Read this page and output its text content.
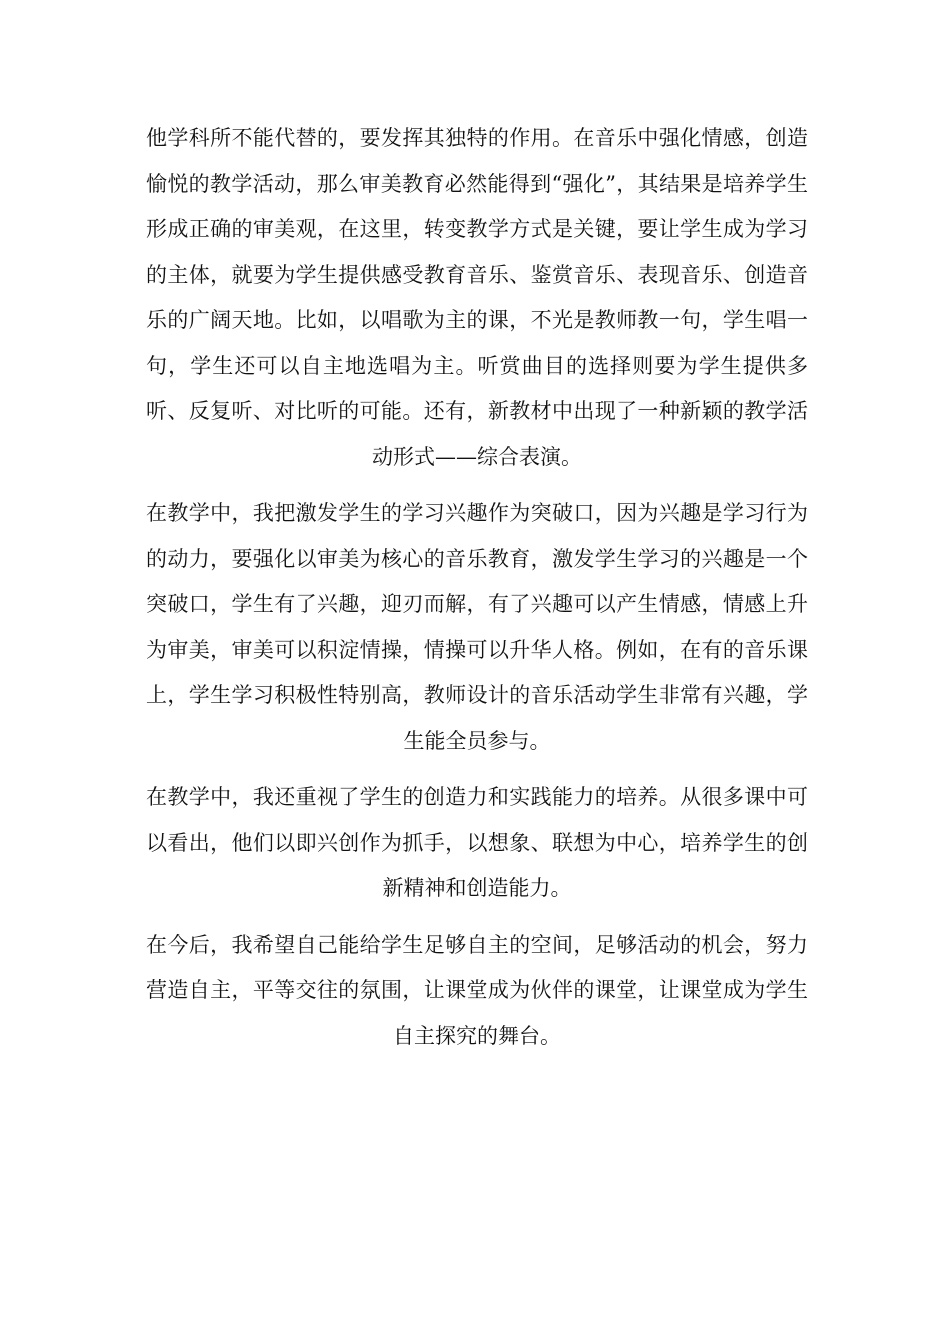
他学科所不能代替的，要发挥其独特的作用。在音乐中强化情感，创造
愉悦的教学活动，那么审美教育必然能得到“强化”，其结果是培养学生
形成正确的审美观，在这里，转变教学方式是关键，要让学生成为学习
的主体，就要为学生提供感受教育音乐、鉴赏音乐、表现音乐、创造音
乐的广阔天地。比如，以唱歌为主的课，不光是教师教一句，学生唱一
句，学生还可以自主地选唱为主。听赏曲目的选择则要为学生提供多
听、反复听、对比听的可能。还有，新教材中出现了一种新颖的教学活
动形式——综合表演。
在教学中，我把激发学生的学习兴趣作为突破口，因为兴趣是学习行为
的动力，要强化以审美为核心的音乐教育，激发学生学习的兴趣是一个
突破口，学生有了兴趣，迎刃而解，有了兴趣可以产生情感，情感上升
为审美，审美可以积淀情操，情操可以升华人格。例如，在有的音乐课
上，学生学习积极性特别高，教师设计的音乐活动学生非常有兴趣，学
生能全员参与。
在教学中，我还重视了学生的创造力和实践能力的培养。从很多课中可
以看出，他们以即兴创作为抓手，以想象、联想为中心，培养学生的创
新精神和创造能力。
在今后，我希望自己能给学生足够自主的空间，足够活动的机会，努力
营造自主，平等交往的氛围，让课堂成为伙伴的课堂，让课堂成为学生
自主探究的舞台。
